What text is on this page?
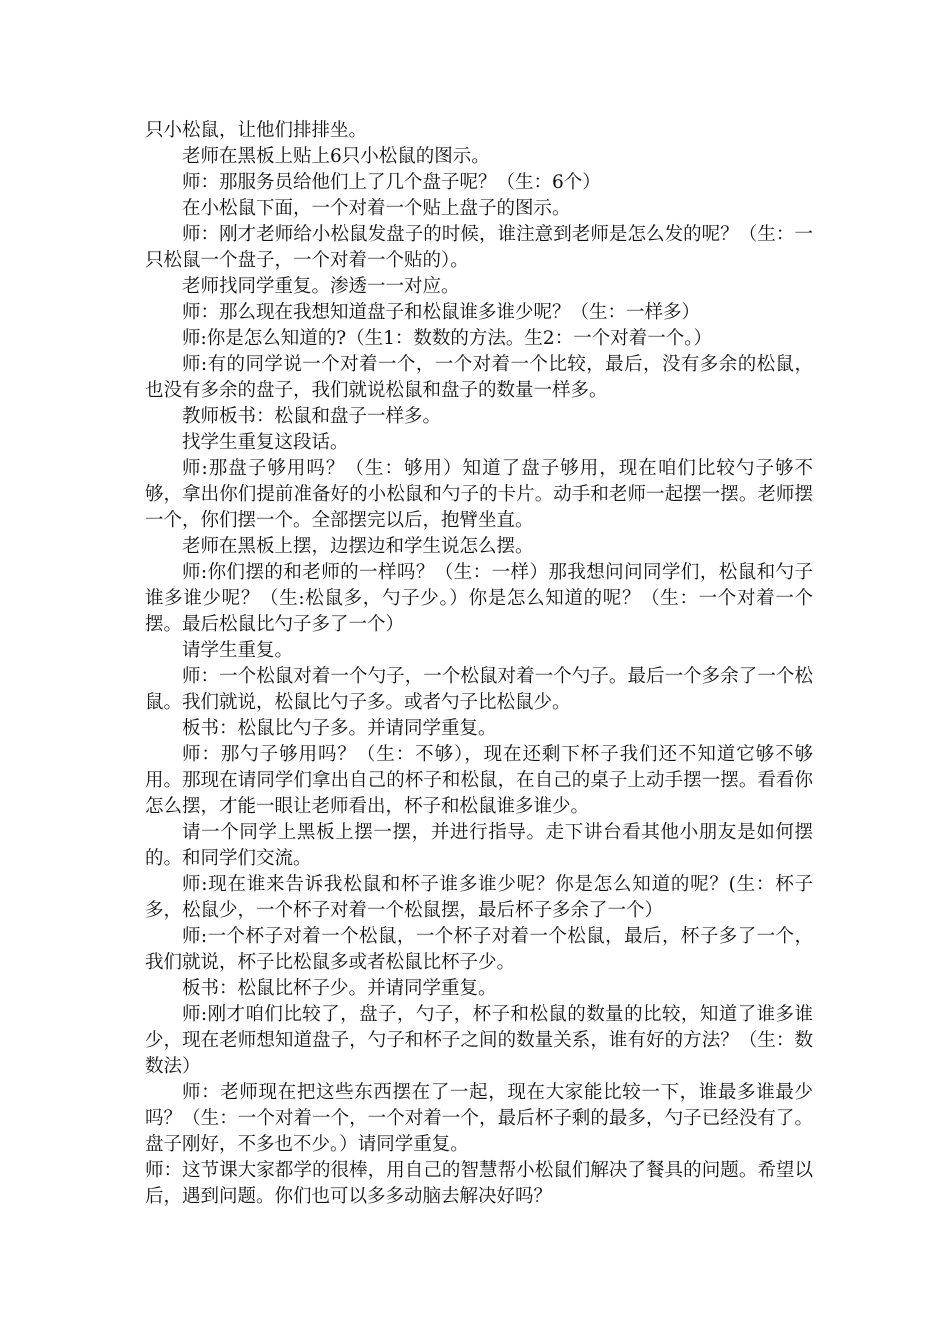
只小松鼠，让他们排排坐。

老师在黑板上贴上6只小松鼠的图示。

师：那服务员给他们上了几个盘子呢？（生：6个）

在小松鼠下面，一个对着一个贴上盘子的图示。

师：刚才老师给小松鼠发盘子的时候，谁注意到老师是怎么发的呢？（生：一只松鼠一个盘子，一个对着一个贴的）。

老师找同学重复。渗透一一对应。

师：那么现在我想知道盘子和松鼠谁多谁少呢？（生：一样多）

师:你是怎么知道的?（生1：数数的方法。生2：一个对着一个。）

师:有的同学说一个对着一个，一个对着一个比较，最后，没有多余的松鼠，也没有多余的盘子，我们就说松鼠和盘子的数量一样多。

教师板书：松鼠和盘子一样多。

找学生重复这段话。

师:那盘子够用吗？（生：够用）知道了盘子够用，现在咱们比较勺子够不够，拿出你们提前准备好的小松鼠和勺子的卡片。动手和老师一起摆一摆。老师摆一个，你们摆一个。全部摆完以后，抱臂坐直。

老师在黑板上摆，边摆边和学生说怎么摆。

师:你们摆的和老师的一样吗？（生：一样）那我想问问同学们，松鼠和勺子谁多谁少呢？（生:松鼠多，勺子少。）你是怎么知道的呢？（生：一个对着一个摆。最后松鼠比勺子多了一个）

请学生重复。

师：一个松鼠对着一个勺子，一个松鼠对着一个勺子。最后一个多余了一个松鼠。我们就说，松鼠比勺子多。或者勺子比松鼠少。

板书：松鼠比勺子多。并请同学重复。

师：那勺子够用吗？（生：不够），现在还剩下杯子我们还不知道它够不够用。那现在请同学们拿出自己的杯子和松鼠，在自己的桌子上动手摆一摆。看看你怎么摆，才能一眼让老师看出，杯子和松鼠谁多谁少。

请一个同学上黑板上摆一摆，并进行指导。走下讲台看其他小朋友是如何摆的。和同学们交流。

师:现在谁来告诉我松鼠和杯子谁多谁少呢？你是怎么知道的呢？(生：杯子多，松鼠少，一个杯子对着一个松鼠摆，最后杯子多余了一个）

师:一个杯子对着一个松鼠，一个杯子对着一个松鼠，最后，杯子多了一个，我们就说，杯子比松鼠多或者松鼠比杯子少。

板书：松鼠比杯子少。并请同学重复。

师:刚才咱们比较了，盘子，勺子，杯子和松鼠的数量的比较，知道了谁多谁少，现在老师想知道盘子，勺子和杯子之间的数量关系，谁有好的方法？（生：数数法）

师：老师现在把这些东西摆在了一起，现在大家能比较一下，谁最多谁最少吗？（生：一个对着一个，一个对着一个，最后杯子剩的最多，勺子已经没有了。盘子刚好，不多也不少。）请同学重复。

师：这节课大家都学的很棒，用自己的智慧帮小松鼠们解决了餐具的问题。希望以后，遇到问题。你们也可以多多动脑去解决好吗？
